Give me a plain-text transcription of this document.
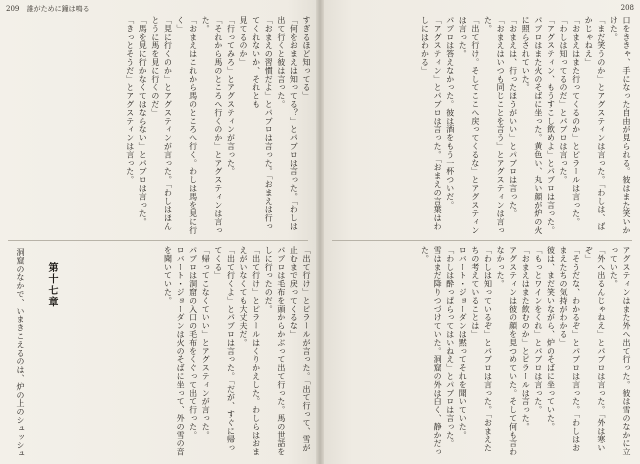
209 誰がために鐘は鳴る

すぎるほど知ってる」

「何をおまえは知ってる？」とパブロは言った。「わしは出て行くと彼は言った。

「おまえの習慣だよ」とパブロは言った。「おまえは行ってくれないか、それとも

見てるのか」

「行ってみろ」とアグスティンが言った。

「それから馬のところへ行くのか」とアグスティンは言った。

「おまえはこれから馬のところへ行く。わしは馬を見に行く」

「見に行くのか」とアグスティンが言った。「わしはほんとうに馬を見に行くのだ」

「馬を見に行かなくてはならない」とパブロは言った。

「きっとそうだ」とアグスティンは言った。

「出て行け」とピラールが言った。「出て行って、雪が止むまで戻ってくるな」

パブロは毛布を頭からかぶって出て行った。馬の世話をしに行ったのだ。

「出て行け」とピラールはくりかえした。わしらはおまえがいなくても大丈夫だ。

「出て行くよ」とパブロは言った。「だが、すぐに帰ってくる」

「帰ってこなくていい」とアグスティンが言った。

パブロは洞窟の入口の毛布をくぐって出て行った。

ロバート・ジョーダンは火のそばに坐って、外の雪の音を聞いていた。

第十七章

洞窟のなかで、いまきこえるのは、炉の上のシュッシュ

208

口をききゃ、手になった自由が見られる。彼はまた笑いかけた。

「まだ笑うのか」とアグスティンは言った。「わしは、ばかじゃねえ」

「おまえはまた行ってくるのか」とピラールは言った。

「わしは知ってるのだ」とパブロは言った。

「アグスティン、もうすこし飲めよ」とパブロは言った。

パブロはまた火のそばに坐った。黄色い、丸い顔が炉の火に照らされていた。

「おまえは、行ったほうがいい」とパブロは言った。

「おまえはいつも同じことを言う」とアグスティンは言った。

「出て行け。そしてここへ戻ってくるな」とアグスティンは言った。

パブロは答えなかった。彼は酒をもう一杯ついだ。

「アグスティン」とパブロは言った。「おまえの言葉はわしにはわかる」

アグスティンはまた外へ出て行った。彼は雪のなかに立っていた。

「外へ出るんじゃねえ」とパブロは言った。「外は寒いぞ」

「そうだな、わかるぞ」とパブロは言った。「わしはおまえたちの気持がわかる」

彼は、まだ笑いながら、炉のそばに坐っていた。

「もっとワインをくれ」とパブロは言った。

「おまえはまた飲むのか」とピラールは言った。

アグスティンは彼の顔を見つめていた。そして何も言わなかった。

「わしは知っているぞ」とパブロは言った。「おまえたちの考えていることは」

ロバート・ジョーダンは黙ってそれを聞いていた。

「わしは酔っぱらってはいねえ」とパブロは言った。

雪はまだ降りつづけていた。洞窟の外は白く、静かだった。
